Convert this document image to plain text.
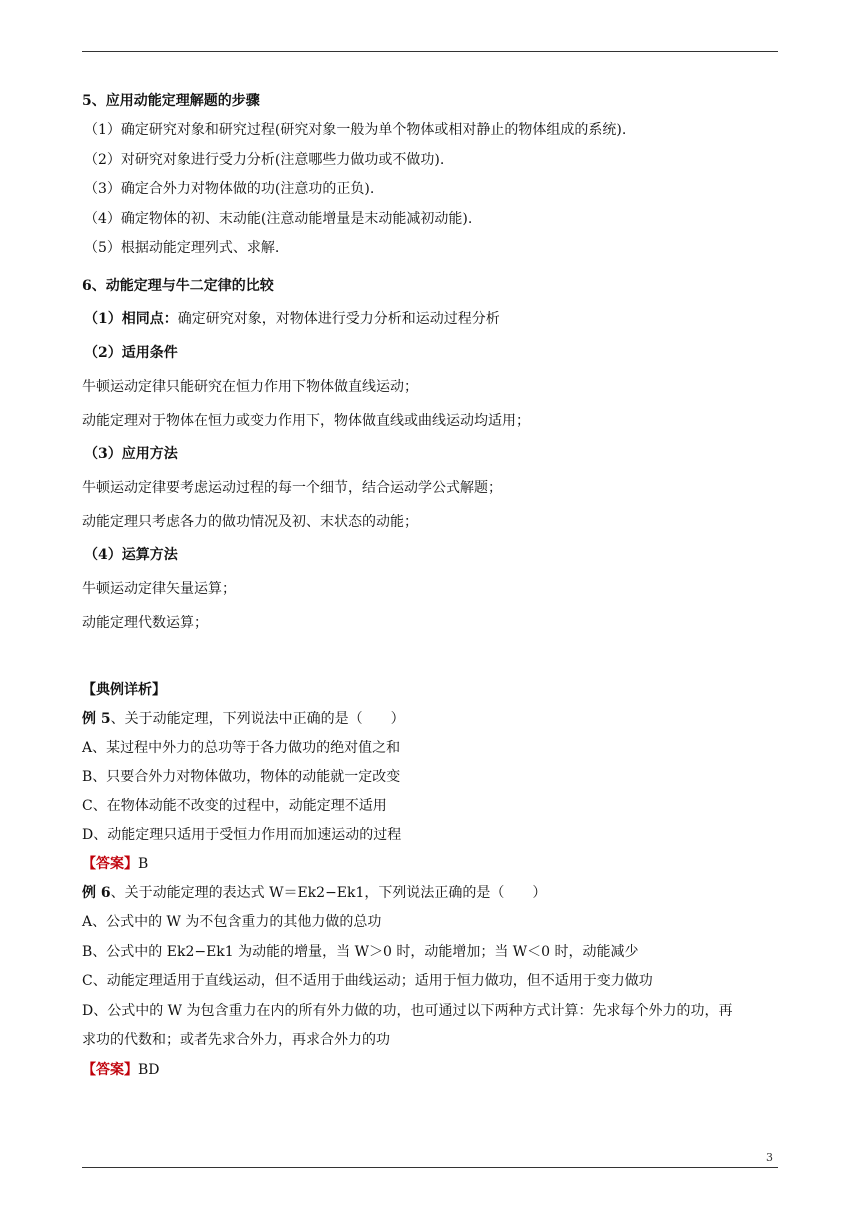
5、应用动能定理解题的步骤
（1）确定研究对象和研究过程(研究对象一般为单个物体或相对静止的物体组成的系统).
（2）对研究对象进行受力分析(注意哪些力做功或不做功).
（3）确定合外力对物体做的功(注意功的正负).
（4）确定物体的初、末动能(注意动能增量是末动能减初动能).
（5）根据动能定理列式、求解.
6、动能定理与牛二定律的比较
（1）相同点：确定研究对象，对物体进行受力分析和运动过程分析
（2）适用条件
牛顿运动定律只能研究在恒力作用下物体做直线运动；
动能定理对于物体在恒力或变力作用下，物体做直线或曲线运动均适用；
（3）应用方法
牛顿运动定律要考虑运动过程的每一个细节，结合运动学公式解题；
动能定理只考虑各力的做功情况及初、末状态的动能；
（4）运算方法
牛顿运动定律矢量运算；
动能定理代数运算；
【典例详析】
例 5、关于动能定理，下列说法中正确的是（　　）
A、某过程中外力的总功等于各力做功的绝对值之和
B、只要合外力对物体做功，物体的动能就一定改变
C、在物体动能不改变的过程中，动能定理不适用
D、动能定理只适用于受恒力作用而加速运动的过程
【答案】B
例 6、关于动能定理的表达式 W＝Ek2−Ek1，下列说法正确的是（　　）
A、公式中的 W 为不包含重力的其他力做的总功
B、公式中的 Ek2−Ek1 为动能的增量，当 W＞0 时，动能增加；当 W＜0 时，动能减少
C、动能定理适用于直线运动，但不适用于曲线运动；适用于恒力做功，但不适用于变力做功
D、公式中的 W 为包含重力在内的所有外力做的功，也可通过以下两种方式计算：先求每个外力的功，再
求功的代数和；或者先求合外力，再求合外力的功
【答案】BD
3
